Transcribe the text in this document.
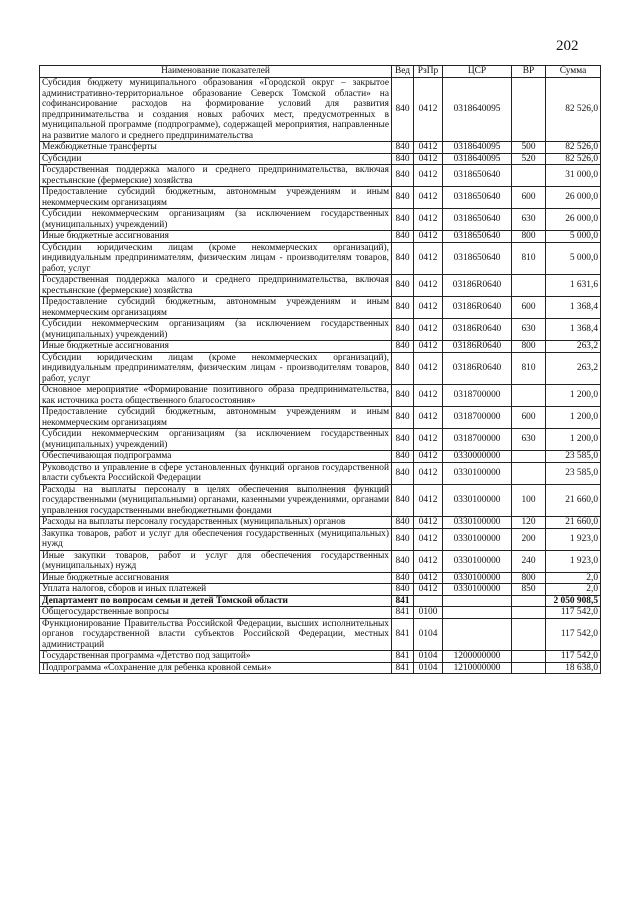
202
Наименование показателей	Вед	РзПр	ЦСР	ВР	Сумма
Субсидия бюджету муниципального образования «Городской округ – закрытое административно-территориальное образование Северск Томской области» на софинансирование расходов на формирование условий для развития предпринимательства и создания новых рабочих мест, предусмотренных в муниципальной программе (подпрограмме), содержащей мероприятия, направленные на развитие малого и среднего предпринимательства	840	0412	0318640095		82 526,0
Межбюджетные трансферты	840	0412	0318640095	500	82 526,0
Субсидии	840	0412	0318640095	520	82 526,0
Государственная поддержка малого и среднего предпринимательства, включая крестьянские (фермерские) хозяйства	840	0412	0318650640		31 000,0
Предоставление субсидий бюджетным, автономным учреждениям и иным некоммерческим организациям	840	0412	0318650640	600	26 000,0
Субсидии некоммерческим организациям (за исключением государственных (муниципальных) учреждений)	840	0412	0318650640	630	26 000,0
Иные бюджетные ассигнования	840	0412	0318650640	800	5 000,0
Субсидии юридическим лицам (кроме некоммерческих организаций), индивидуальным предпринимателям, физическим лицам - производителям товаров, работ, услуг	840	0412	0318650640	810	5 000,0
Государственная поддержка малого и среднего предпринимательства, включая крестьянские (фермерские) хозяйства	840	0412	03186R0640		1 631,6
Предоставление субсидий бюджетным, автономным учреждениям и иным некоммерческим организациям	840	0412	03186R0640	600	1 368,4
Субсидии некоммерческим организациям (за исключением государственных (муниципальных) учреждений)	840	0412	03186R0640	630	1 368,4
Иные бюджетные ассигнования	840	0412	03186R0640	800	263,2
Субсидии юридическим лицам (кроме некоммерческих организаций), индивидуальным предпринимателям, физическим лицам - производителям товаров, работ, услуг	840	0412	03186R0640	810	263,2
Основное мероприятие «Формирование позитивного образа предпринимательства, как источника роста общественного благосостояния»	840	0412	0318700000		1 200,0
Предоставление субсидий бюджетным, автономным учреждениям и иным некоммерческим организациям	840	0412	0318700000	600	1 200,0
Субсидии некоммерческим организациям (за исключением государственных (муниципальных) учреждений)	840	0412	0318700000	630	1 200,0
Обеспечивающая подпрограмма	840	0412	0330000000		23 585,0
Руководство и управление в сфере установленных функций органов государственной власти субъекта Российской Федерации	840	0412	0330100000		23 585,0
Расходы на выплаты персоналу в целях обеспечения выполнения функций государственными (муниципальными) органами, казенными учреждениями, органами управления государственными внебюджетными фондами	840	0412	0330100000	100	21 660,0
Расходы на выплаты персоналу государственных (муниципальных) органов	840	0412	0330100000	120	21 660,0
Закупка товаров, работ и услуг для обеспечения государственных (муниципальных) нужд	840	0412	0330100000	200	1 923,0
Иные закупки товаров, работ и услуг для обеспечения государственных (муниципальных) нужд	840	0412	0330100000	240	1 923,0
Иные бюджетные ассигнования	840	0412	0330100000	800	2,0
Уплата налогов, сборов и иных платежей	840	0412	0330100000	850	2,0
Департамент по вопросам семьи и детей Томской области	841				2 050 908,5
Общегосударственные вопросы	841	0100			117 542,0
Функционирование Правительства Российской Федерации, высших исполнительных органов государственной власти субъектов Российской Федерации, местных администраций	841	0104			117 542,0
Государственная программа «Детство под защитой»	841	0104	1200000000		117 542,0
Подпрограмма «Сохранение для ребенка кровной семьи»	841	0104	1210000000		18 638,0
